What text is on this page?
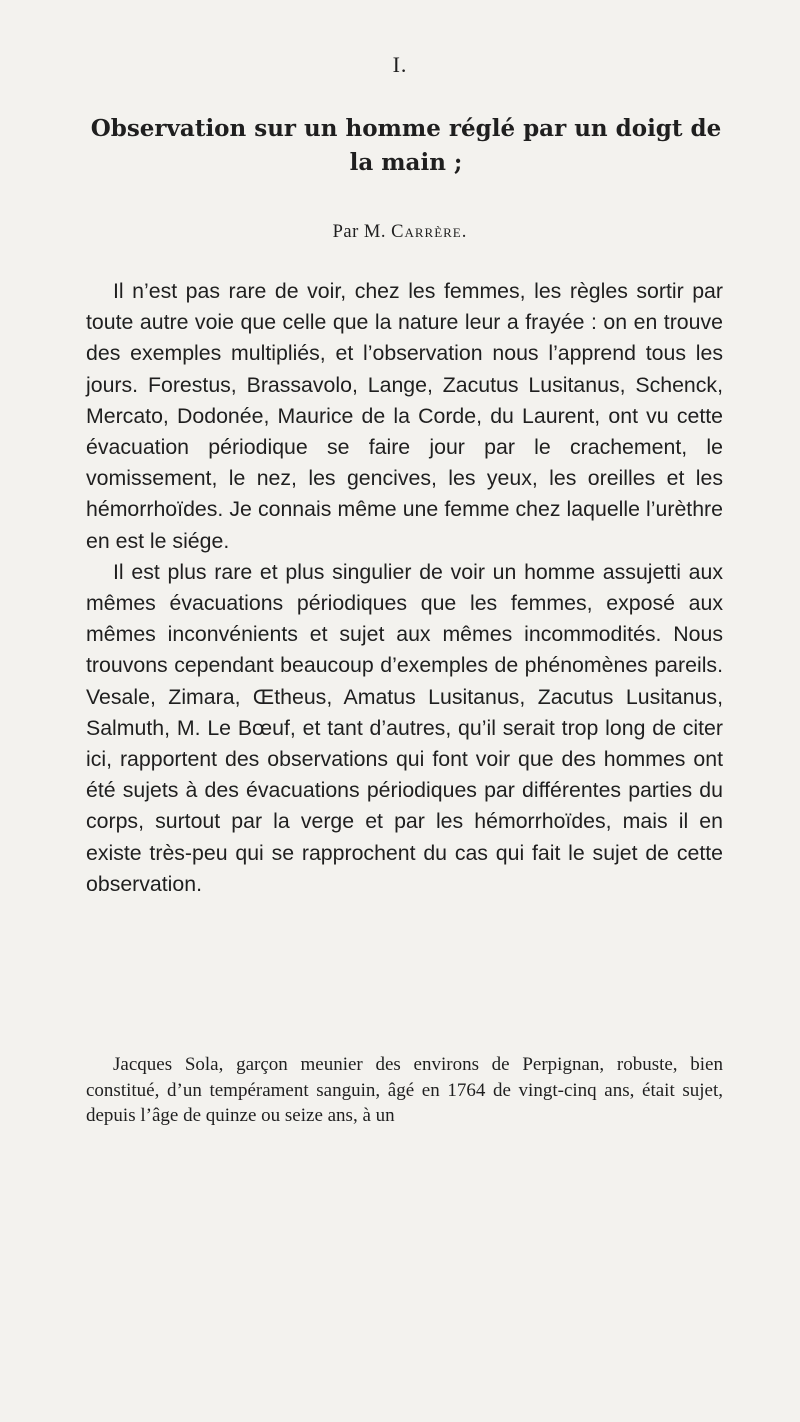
I.
Observation sur un homme réglé par un doigt de la main ;
Par M. Carrère.

Il n’est pas rare de voir, chez les femmes, les règles sortir par toute autre voie que celle que la nature leur a frayée : on en trouve des exemples multipliés, et l’observation nous l’apprend tous les jours. Forestus, Brassavolo, Lange, Zacutus Lusitanus, Schenck, Mercato, Dodonée, Maurice de la Corde, du Laurent, ont vu cette évacuation périodique se faire jour par le crachement, le vomissement, le nez, les gencives, les yeux, les oreilles et les hémorrhoïdes. Je connais même une femme chez laquelle l’urèthre en est le siége.

Il est plus rare et plus singulier de voir un homme assujetti aux mêmes évacuations périodiques que les femmes, exposé aux mêmes inconvénients et sujet aux mêmes incommodités. Nous trouvons cependant beaucoup d’exemples de phénomènes pareils. Vesale, Zimara, Œtheus, Amatus Lusitanus, Zacutus Lusitanus, Salmuth, M. Le Bœuf, et tant d’autres, qu’il serait trop long de citer ici, rapportent des observations qui font voir que des hommes ont été sujets à des évacuations périodiques par différentes parties du corps, surtout par la verge et par les hémorrhoïdes, mais il en existe très-peu qui se rapprochent du cas qui fait le sujet de cette observation.

Jacques Sola, garçon meunier des environs de Perpignan, robuste, bien constitué, d’un tempérament sanguin, âgé en 1764 de vingt-cinq ans, était sujet, depuis l’âge de quinze ou seize ans, à un
